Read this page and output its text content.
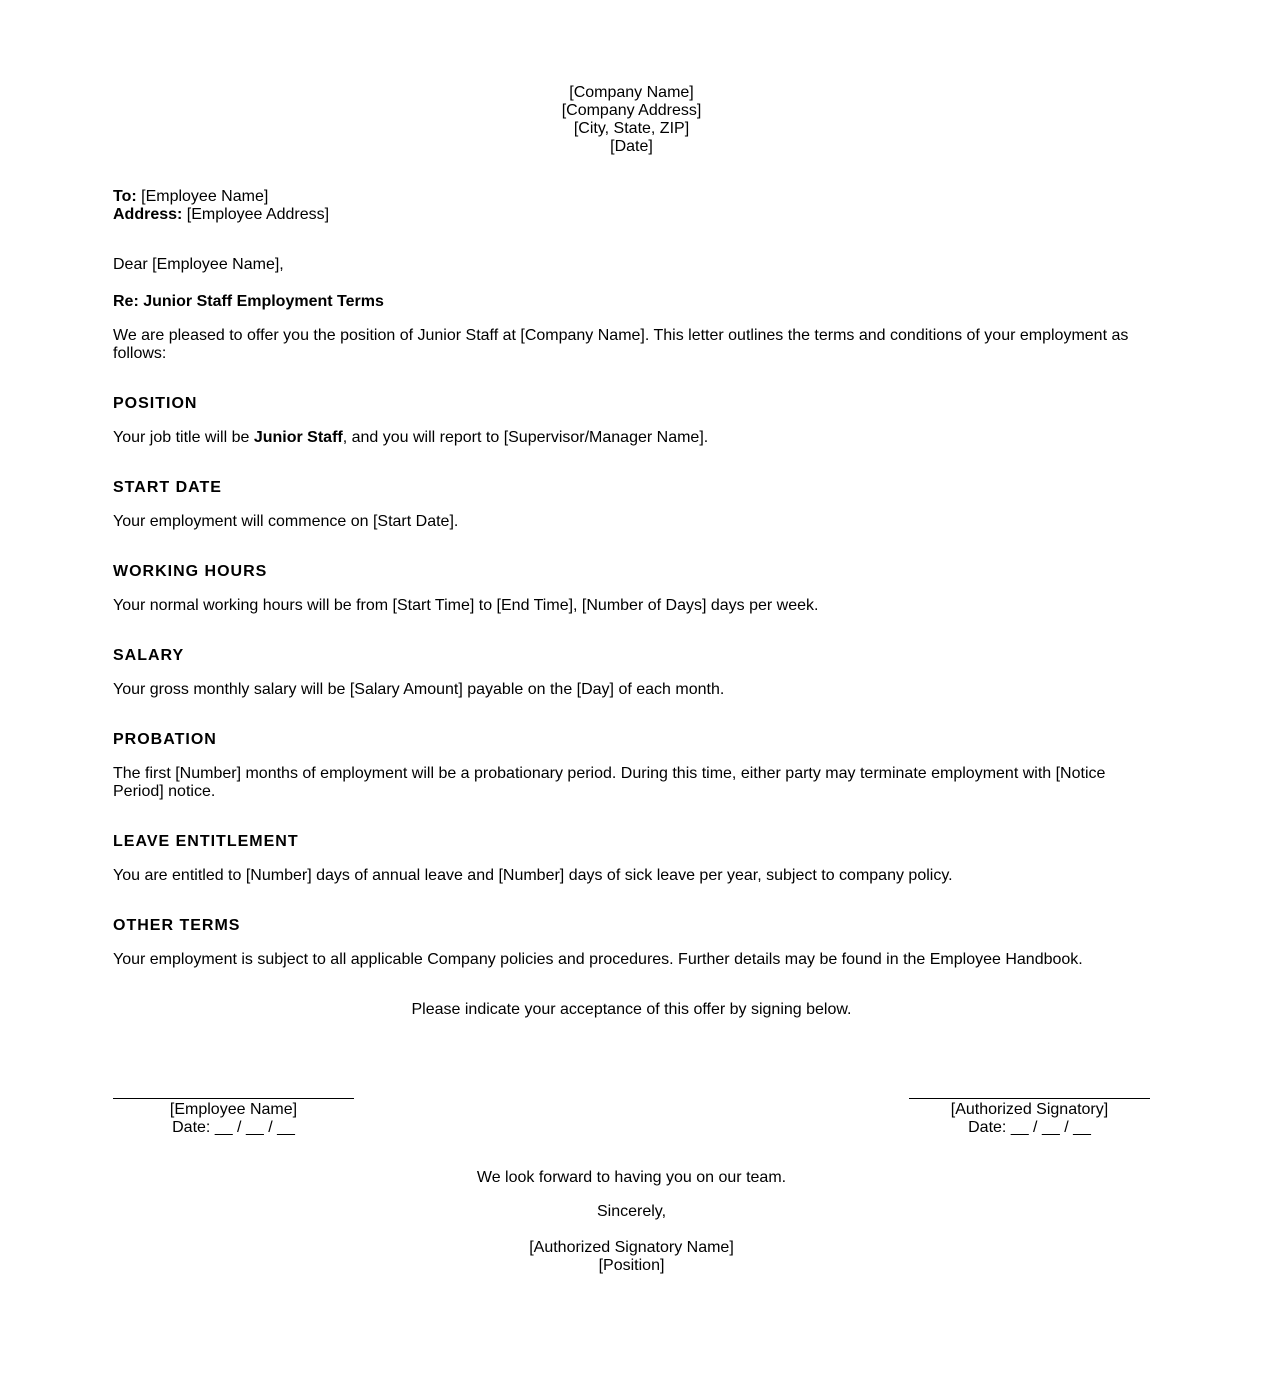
[Company Name]
[Company Address]
[City, State, ZIP]
[Date]
To: [Employee Name]
Address: [Employee Address]
Dear [Employee Name],
Re: Junior Staff Employment Terms
We are pleased to offer you the position of Junior Staff at [Company Name]. This letter outlines the terms and conditions of your employment as follows:
POSITION
Your job title will be Junior Staff, and you will report to [Supervisor/Manager Name].
START DATE
Your employment will commence on [Start Date].
WORKING HOURS
Your normal working hours will be from [Start Time] to [End Time], [Number of Days] days per week.
SALARY
Your gross monthly salary will be [Salary Amount] payable on the [Day] of each month.
PROBATION
The first [Number] months of employment will be a probationary period. During this time, either party may terminate employment with [Notice Period] notice.
LEAVE ENTITLEMENT
You are entitled to [Number] days of annual leave and [Number] days of sick leave per year, subject to company policy.
OTHER TERMS
Your employment is subject to all applicable Company policies and procedures. Further details may be found in the Employee Handbook.
Please indicate your acceptance of this offer by signing below.
[Employee Name]
Date: __ / __ / __
[Authorized Signatory]
Date: __ / __ / __
We look forward to having you on our team.
Sincerely,
[Authorized Signatory Name]
[Position]
